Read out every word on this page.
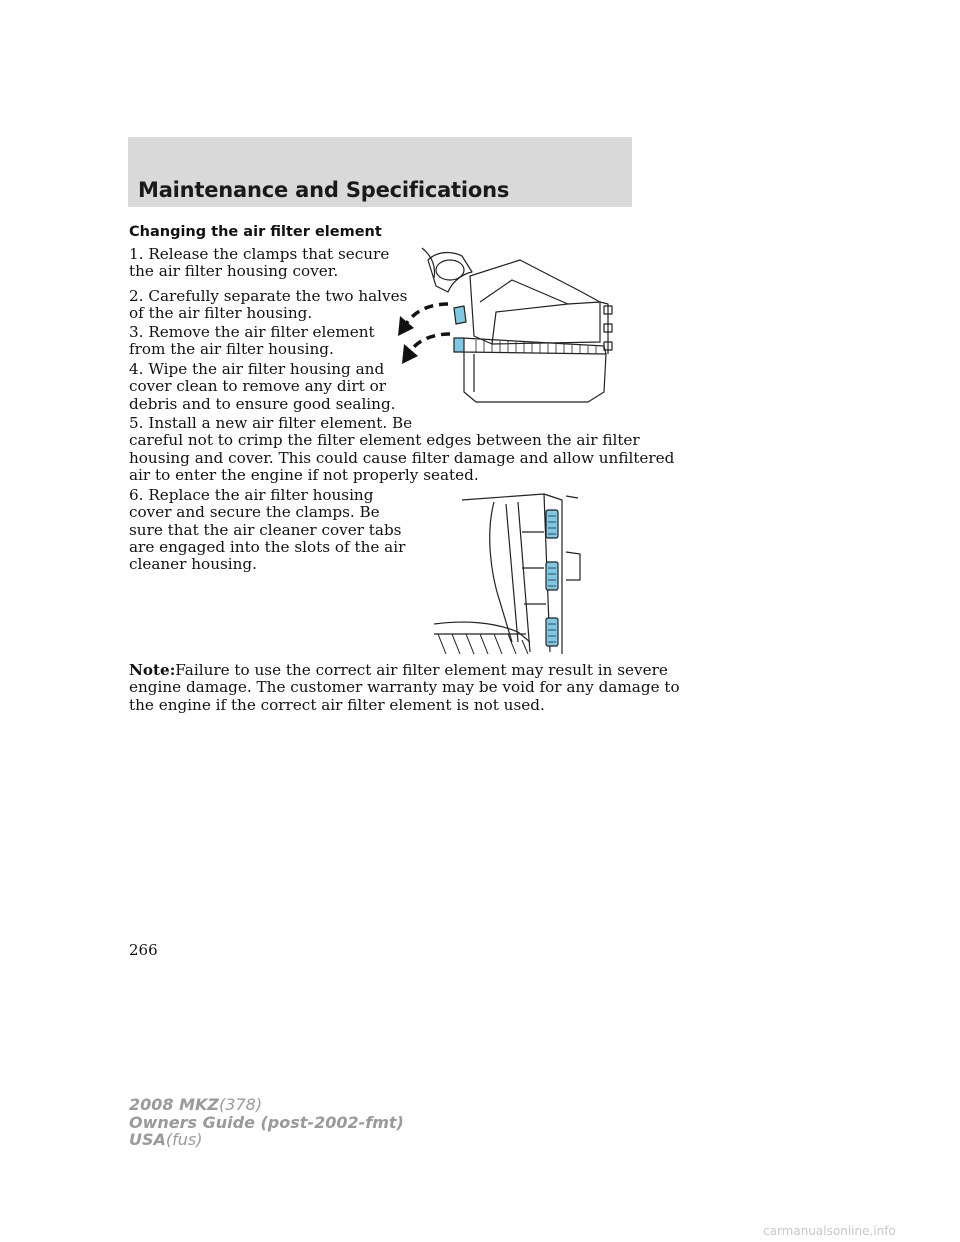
Maintenance and Specifications
Changing the air filter element

1. Release the clamps that secure
the air filter housing cover.

2. Carefully separate the two halves
of the air filter housing.

3. Remove the air filter element
from the air filter housing.

4. Wipe the air filter housing and
cover clean to remove any dirt or
debris and to ensure good sealing.

5. Install a new air filter element. Be
careful not to crimp the filter element edges between the air filter
housing and cover. This could cause filter damage and allow unfiltered
air to enter the engine if not properly seated.

6. Replace the air filter housing
cover and secure the clamps. Be
sure that the air cleaner cover tabs
are engaged into the slots of the air
cleaner housing.

Note:Failure to use the correct air filter element may result in severe
engine damage. The customer warranty may be void for any damage to
the engine if the correct air filter element is not used.

266
2008 MKZ(378)
Owners Guide (post-2002-fmt)
USA(fus)
carmanualsonline.info
